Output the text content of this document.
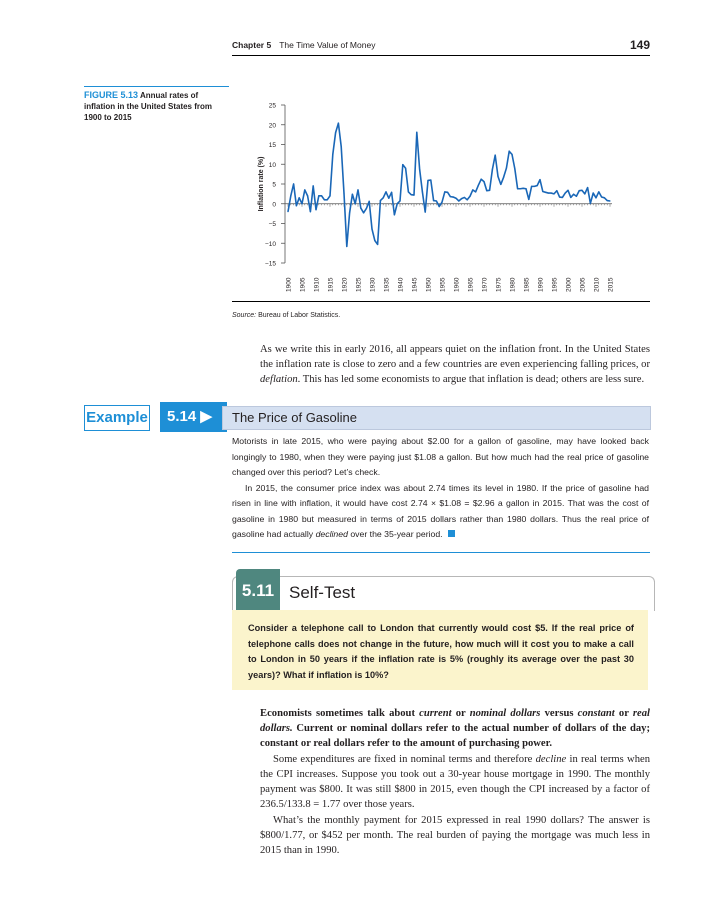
Chapter 5 The Time Value of Money	149
FIGURE 5.13 Annual rates of inflation in the United States from 1900 to 2015
25
20
15
10
5
0
−5
−10
−15
1900 1905 1910 1915 1920 1925 1930 1935 1940 1945 1950 1955 1960 1965 1970 1975 1980 1985 1990 1995 2000 2005 2010 2015
Inflation rate (%)
Source: Bureau of Labor Statistics.
As we write this in early 2016, all appears quiet on the inflation front. In the United States the inflation rate is close to zero and a few countries are even experiencing falling prices, or deflation. This has led some economists to argue that inflation is dead; others are less sure.
Example	5.14 ▶	The Price of Gasoline

Motorists in late 2015, who were paying about $2.00 for a gallon of gasoline, may have looked back longingly to 1980, when they were paying just $1.08 a gallon. But how much had the real price of gasoline changed over this period? Let’s check.

In 2015, the consumer price index was about 2.74 times its level in 1980. If the price of gasoline had risen in line with inflation, it would have cost 2.74 × $1.08 = $2.96 a gallon in 2015. That was the cost of gasoline in 1980 but measured in terms of 2015 dollars rather than 1980 dollars. Thus the real price of gasoline had actually declined over the 35-year period.

5.11 Self-Test
Consider a telephone call to London that currently would cost $5. If the real price of telephone calls does not change in the future, how much will it cost you to make a call to London in 50 years if the inflation rate is 5% (roughly its average over the past 30 years)? What if inflation is 10%?
Economists sometimes talk about current or nominal dollars versus constant or real dollars. Current or nominal dollars refer to the actual number of dollars of the day; constant or real dollars refer to the amount of purchasing power.
Some expenditures are fixed in nominal terms and therefore decline in real terms when the CPI increases. Suppose you took out a 30-year house mortgage in 1990. The monthly payment was $800. It was still $800 in 2015, even though the CPI increased by a factor of 236.5/133.8 = 1.77 over those years.
What’s the monthly payment for 2015 expressed in real 1990 dollars? The answer is $800/1.77, or $452 per month. The real burden of paying the mortgage was much less in 2015 than in 1990.
